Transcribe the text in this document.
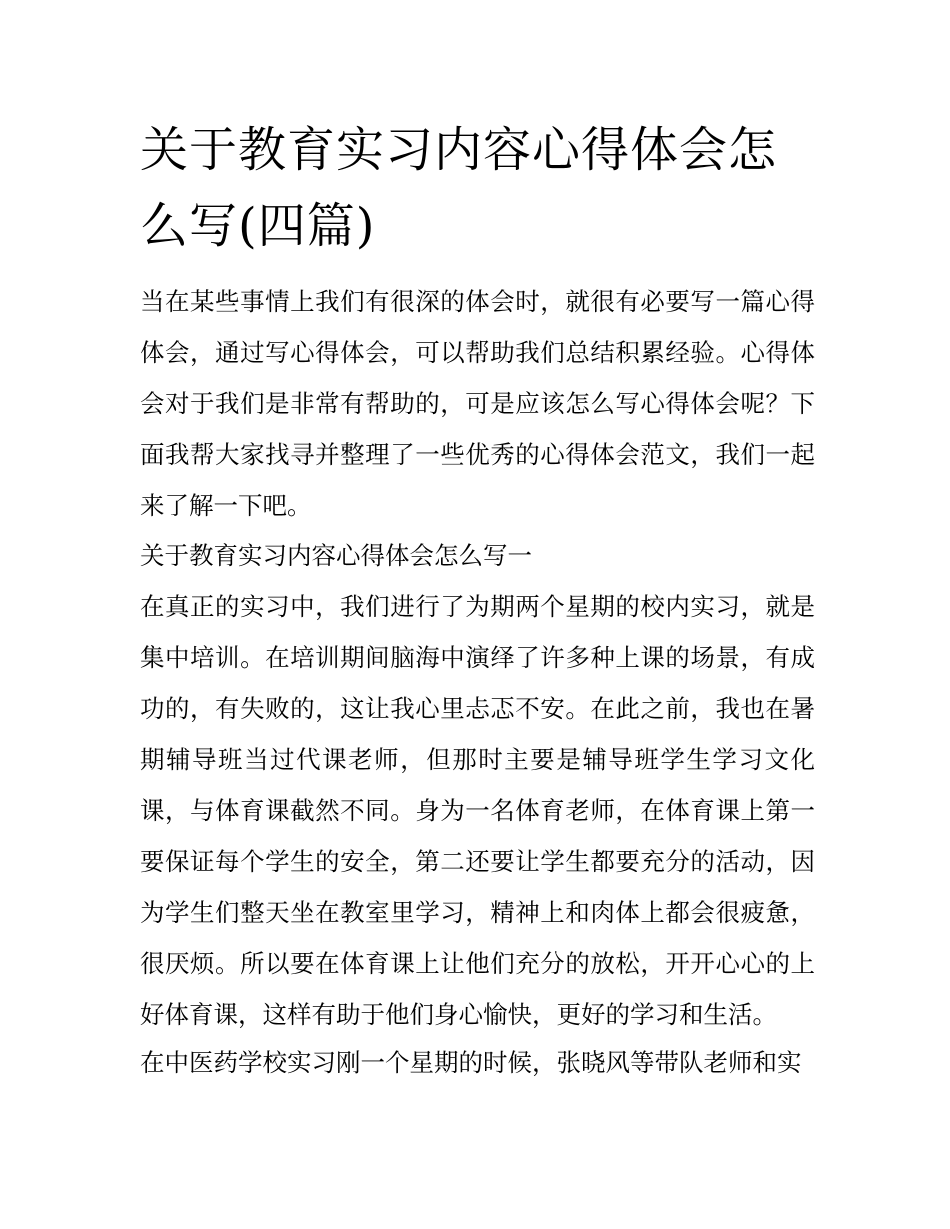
关于教育实习内容心得体会怎么写(四篇)

当在某些事情上我们有很深的体会时，就很有必要写一篇心得体会，通过写心得体会，可以帮助我们总结积累经验。心得体会对于我们是非常有帮助的，可是应该怎么写心得体会呢？下面我帮大家找寻并整理了一些优秀的心得体会范文，我们一起来了解一下吧。

关于教育实习内容心得体会怎么写一

在真正的实习中，我们进行了为期两个星期的校内实习，就是集中培训。在培训期间脑海中演绎了许多种上课的场景，有成功的，有失败的，这让我心里忐忑不安。在此之前，我也在暑期辅导班当过代课老师，但那时主要是辅导班学生学习文化课，与体育课截然不同。身为一名体育老师，在体育课上第一要保证每个学生的安全，第二还要让学生都要充分的活动，因为学生们整天坐在教室里学习，精神上和肉体上都会很疲惫，很厌烦。所以要在体育课上让他们充分的放松，开开心心的上好体育课，这样有助于他们身心愉快，更好的学习和生活。

在中医药学校实习刚一个星期的时候，张晓风等带队老师和实
